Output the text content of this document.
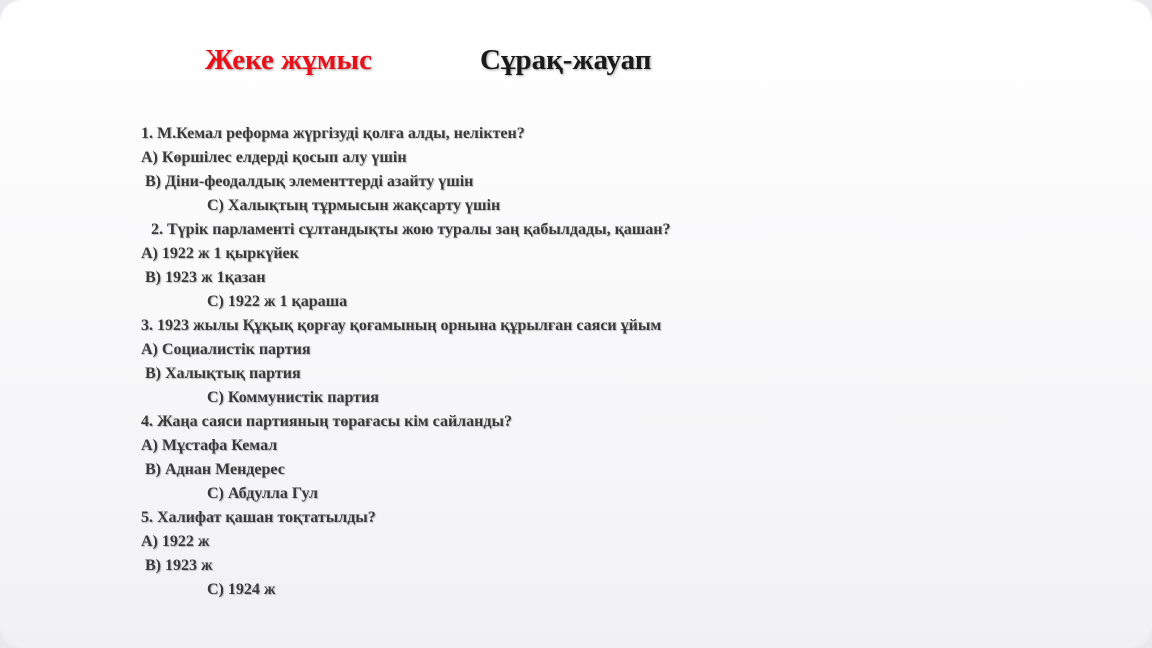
Жеке жұмыс	Сұрақ-жауап
1. М.Кемал реформа жүргізуді қолға алды, неліктен?
А) Көршілес елдерді қосып алу үшін
В) Діни-феодалдық элементтерді азайту үшін
С) Халықтың тұрмысын жақсарту үшін
2. Түрік парламенті сұлтандықты жою туралы заң қабылдады, қашан?
А) 1922 ж 1 қыркүйек
В) 1923 ж 1қазан
С) 1922 ж 1 қараша
3. 1923 жылы Құқық қорғау қоғамының орнына құрылған саяси ұйым
А) Социалистік партия
В) Халықтық партия
С) Коммунистік партия
4. Жаңа саяси партияның төрағасы кім сайланды?
А) Мұстафа Кемал
В) Аднан Мендерес
С) Абдулла Гул
5. Халифат қашан тоқтатылды?
А) 1922 ж
В) 1923 ж
С) 1924 ж
